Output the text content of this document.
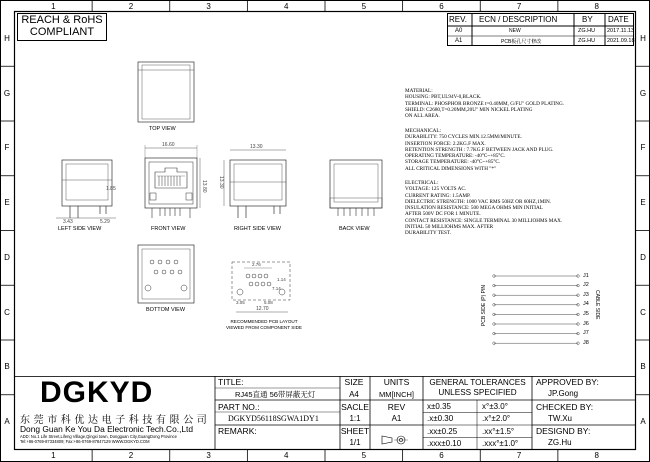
1
1
2
2
3
3
4
4
5
5
6
6
7
7
8
8
H	H
G	G
F	F
E	E
D	D
C	C
B	B
A	A
REACH & RoHS
COMPLIANT
REV. ECN / DESCRIPTION	BY DATE
A0	NEW	ZG.HU 2017.11.13
A1	PCB板孔尺寸修改	ZG.HU 2021.09.18
TOP VIEW
LEFT SIDE VIEW	FRONT VIEW	RIGHT SIDE VIEW	BACK VIEW
BOTTOM VIEW
RECOMMENDED PCB LAYOUT
VIEWED FROM COMPONENT SIDE
16.60
13.80
13.30
13.30
1.85
3.43	5.29
12.70
2.76
1.14
7.14
3.05	5.08
MATERIAL:
HOUSING: PBT,UL94V-0,BLACK.
TERMINAL: PHOSPHOR BRONZE t=0.40MM, G/FU" GOLD PLATING.
SHIELD: C2680,T=0.20MM,20U" MIN NICKEL PLATING
ON ALL AREA.
MECHANICAL:
DURABILITY: 750 CYCLES MIN.12.5MM/MINUTE.
INSERTION FORCE: 2.2KG.F MAX.
RETENTION STRENGTH : 7.7KG.F BETWEEN JACK AND PLUG.
OPERATING TEMPERATURE: -40°C~+85°C.
STORAGE TEMPERATURE: -40°C~+85°C.
ALL CRITICAL DIMENSIONS WITH "*"
ELECTRICAL:
VOLTAGE: 125 VOLTS AC.
CURRENT RATING: 1.5AMP.
DIELECTRIC STRENGTH: 1000 VAC RMS 50HZ OR 60HZ,1MIN.
INSULATION RESISTANCE: 500 MEGA OHMS MIN INITIAL
AFTER 500V DC FOR 1 MINUTE.
CONTACT RESISTANCE: SINGLE TERMINAL 30 MILLIOHMS MAX.
INITIAL 50 MILLIOHMS MAX. AFTER
DURABILITY TEST.
PCB SIDE (P) PIN	CABLE SIDE
J1
J2
J3
J4
J5
J6
J7
J8
DGKYD
东莞市科优达电子科技有限公司
Dong Guan Ke You Da Electronic Tech.Co.,Ltd
ADD: No.1 Life Street,Lifeng Village,Qingxi town, Dongguan City,GuangDong Province
Tel:+86-0769-87334809; Fax:+86-0769-87847129 WWW.DGKYD.COM
TITLE:
RJ45直通 56带屏蔽无灯
PART NO.:
DGKYD56118SGWA1DY1
REMARK:
SIZE
A4
SACLE
1:1
SHEET
1/1
UNITS
MM[INCH]
REV
A1
GENERAL TOLERANCES
UNLESS SPECIFIED
x±0.35	x°±3.0°
.x±0.30	.x°±2.0°
.xx±0.25	.xx°±1.5°
.xxx±0.10	.xxx°±1.0°
APPROVED BY:
JP.Gong
CHECKED BY:
TW.Xu
DESIGND BY:
ZG.Hu
